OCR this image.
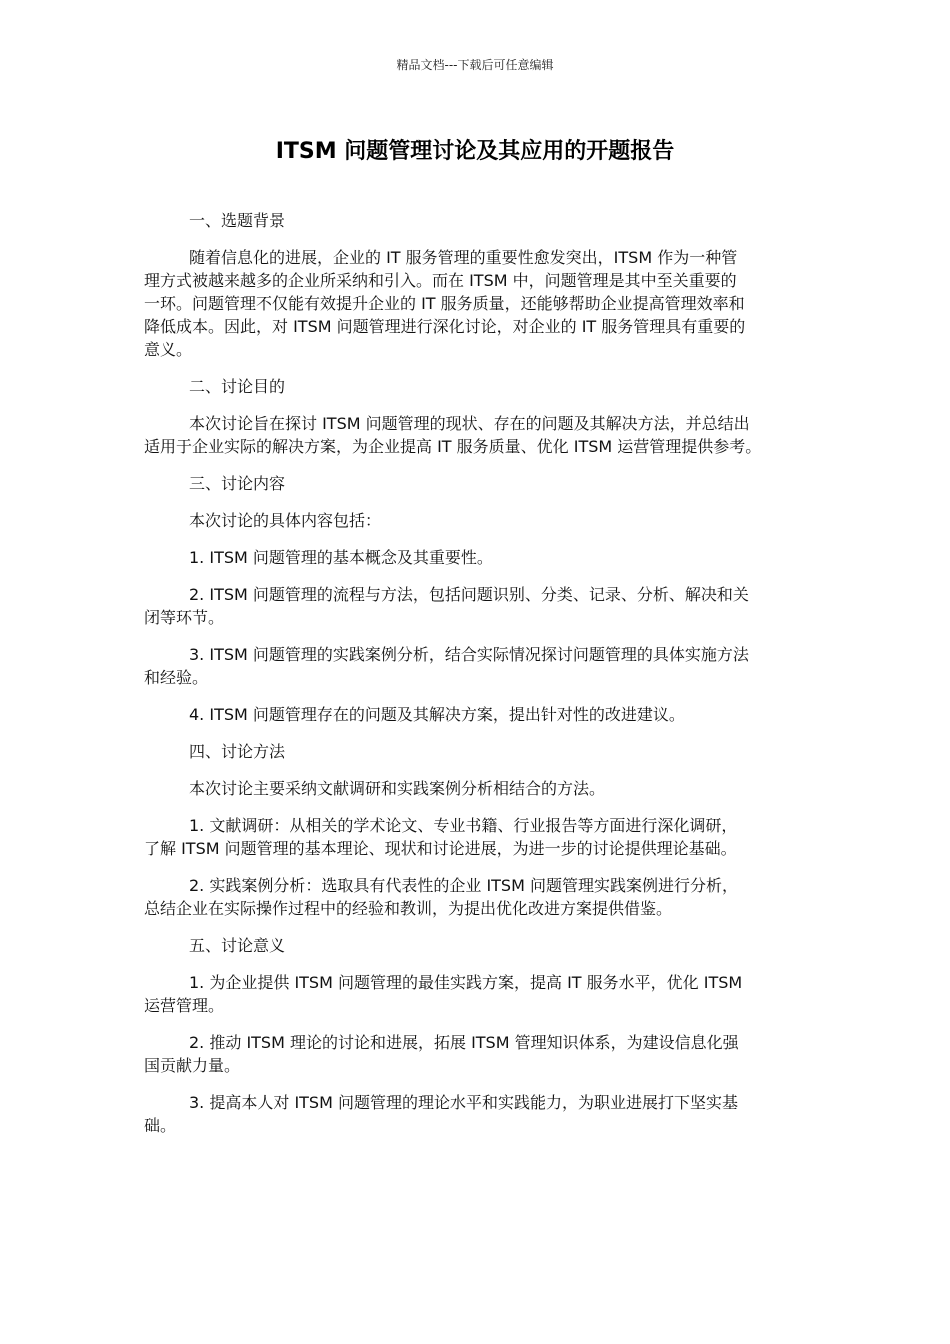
精品文档---下载后可任意编辑
ITSM 问题管理讨论及其应用的开题报告

一、选题背景

随着信息化的进展，企业的 IT 服务管理的重要性愈发突出，ITSM 作为一种管
理方式被越来越多的企业所采纳和引入。而在 ITSM 中，问题管理是其中至关重要的
一环。问题管理不仅能有效提升企业的 IT 服务质量，还能够帮助企业提高管理效率和
降低成本。因此，对 ITSM 问题管理进行深化讨论，对企业的 IT 服务管理具有重要的
意义。

二、讨论目的

本次讨论旨在探讨 ITSM 问题管理的现状、存在的问题及其解决方法，并总结出
适用于企业实际的解决方案，为企业提高 IT 服务质量、优化 ITSM 运营管理提供参考。

三、讨论内容

本次讨论的具体内容包括：

1. ITSM 问题管理的基本概念及其重要性。

2. ITSM 问题管理的流程与方法，包括问题识别、分类、记录、分析、解决和关
闭等环节。

3. ITSM 问题管理的实践案例分析，结合实际情况探讨问题管理的具体实施方法
和经验。

4. ITSM 问题管理存在的问题及其解决方案，提出针对性的改进建议。

四、讨论方法

本次讨论主要采纳文献调研和实践案例分析相结合的方法。

1. 文献调研：从相关的学术论文、专业书籍、行业报告等方面进行深化调研，
了解 ITSM 问题管理的基本理论、现状和讨论进展，为进一步的讨论提供理论基础。

2. 实践案例分析：选取具有代表性的企业 ITSM 问题管理实践案例进行分析，
总结企业在实际操作过程中的经验和教训，为提出优化改进方案提供借鉴。

五、讨论意义

1. 为企业提供 ITSM 问题管理的最佳实践方案，提高 IT 服务水平，优化 ITSM
运营管理。

2. 推动 ITSM 理论的讨论和进展，拓展 ITSM 管理知识体系，为建设信息化强
国贡献力量。

3. 提高本人对 ITSM 问题管理的理论水平和实践能力，为职业进展打下坚实基
础。
